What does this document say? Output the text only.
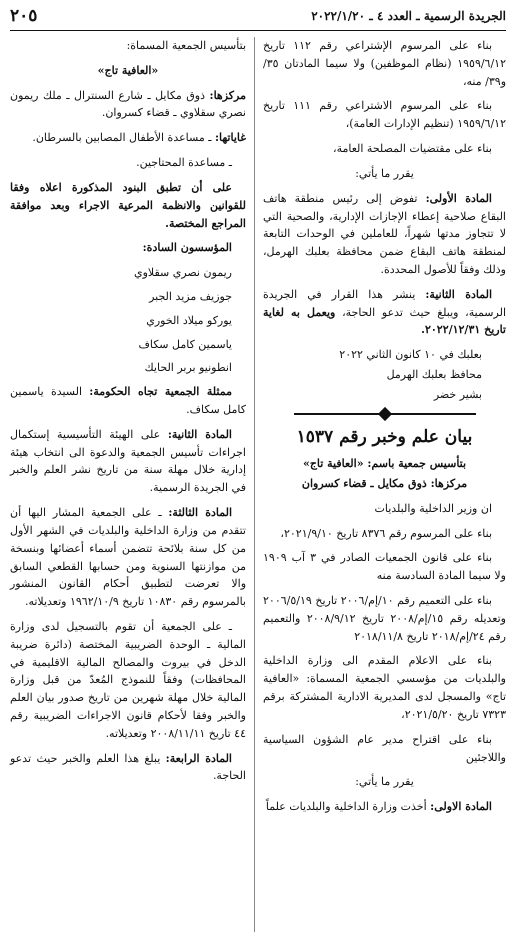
الجريدة الرسمية ـ العدد ٤ ـ ٢٠٢٢/١/٢٠
٢٠٥

بناء على المرسوم الإشتراعي رقم ١١٢ تاريخ ١٩٥٩/٦/١٢ (نظام الموظفين) ولا سيما المادتان ٣٥/ و٣٩/ منه،

بناء على المرسوم الاشتراعي رقم ١١١ تاريخ ١٩٥٩/٦/١٢ (تنظيم الإدارات العامة)،

بناء على مقتضيات المصلحة العامة،

يقرر ما يأتي:

المادة الأولى: تفوض إلى رئيس منطقة هاتف البقاع صلاحية إعطاء الإجازات الإدارية، والصحية التي لا تتجاوز مدتها شهراً، للعاملين في الوحدات التابعة لمنطقة هاتف البقاع ضمن محافظة بعلبك الهرمل، وذلك وفقاً للأصول المحددة.

المادة الثانية: ينشر هذا القرار في الجريدة الرسمية، ويبلغ حيث تدعو الحاجة، ويعمل به لغاية تاريخ ٢٠٢٢/١٢/٣١.

بعلبك في ١٠ كانون الثاني ٢٠٢٢

محافظ بعلبك الهرمل

بشير خضر

بيان علم وخبر رقم ١٥٣٧

بتأسيس جمعية باسم: «العافية تاج»

مركزها: ذوق مكايل ـ قضاء كسروان

ان وزير الداخلية والبلديات

بناء على المرسوم رقم ٨٣٧٦ تاريخ ٢٠٢١/٩/١٠،

بناء على قانون الجمعيات الصادر في ٣ آب ١٩٠٩ ولا سيما المادة السادسة منه

بناء على التعميم رقم ١٠/إم/٢٠٠٦ تاريخ ٢٠٠٦/٥/١٩ وتعديله رقم ١٥/إم/٢٠٠٨ تاريخ ٢٠٠٨/٩/١٢ والتعميم رقم ٢٤/إم/٢٠١٨ تاريخ ٢٠١٨/١١/٨

بناء على الاعلام المقدم الى وزارة الداخلية والبلديات من مؤسسي الجمعية المسماة: «العافية تاج» والمسجل لدى المديرية الادارية المشتركة برقم ٧٣٢٣ تاريخ ٢٠٢١/٥/٢٠،

بناء على اقتراح مدير عام الشؤون السياسية واللاجئين

يقرر ما يأتي:

المادة الاولى: أخذت وزارة الداخلية والبلديات علماً

بتأسيس الجمعية المسماة:

«العافية تاج»

مركزها: ذوق مكايل ـ شارع السنترال ـ ملك ريمون نصري سقلاوي ـ قضاء كسروان.

غاياتها: ـ مساعدة الأطفال المصابين بالسرطان.

ـ مساعدة المحتاجين.

على أن تطبق البنود المذكورة اعلاه وفقا للقوانين والانظمة المرعية الاجراء وبعد موافقة المراجع المختصة.

المؤسسون السادة:

ريمون نصري سقلاوي

جوزيف مزيد الجبر

يوركو ميلاد الخوري

ياسمين كامل سكاف

انطونيو بربر الحايك

ممثلة الجمعية تجاه الحكومة: السيدة ياسمين كامل سكاف.

المادة الثانية: على الهيئة التأسيسية إستكمال اجراءات تأسيس الجمعية والدعوة الى انتخاب هيئة إدارية خلال مهلة سنة من تاريخ نشر العلم والخبر في الجريدة الرسمية.

المادة الثالثة: ـ على الجمعية المشار اليها أن تتقدم من وزارة الداخلية والبلديات في الشهر الأول من كل سنة بلائحة تتضمن أسماء أعضائها وبنسخة من موازنتها السنوية ومن حسابها القطعي السابق والا تعرضت لتطبيق أحكام القانون المنشور بالمرسوم رقم ١٠٨٣٠ تاريخ ١٩٦٢/١٠/٩ وتعديلاته.

ـ على الجمعية أن تقوم بالتسجيل لدى وزارة المالية ـ الوحدة الضريبية المختصة (دائرة ضريبة الدخل في بيروت والمصالح المالية الاقليمية في المحافظات) وفقاً للنموذج المُعدّ من قبل وزارة المالية خلال مهلة شهرين من تاريخ صدور بيان العلم والخبر وفقا لأحكام قانون الاجراءات الضريبية رقم ٤٤ تاريخ ٢٠٠٨/١١/١١ وتعديلاته.

المادة الرابعة: يبلغ هذا العلم والخبر حيث تدعو الحاجة.
